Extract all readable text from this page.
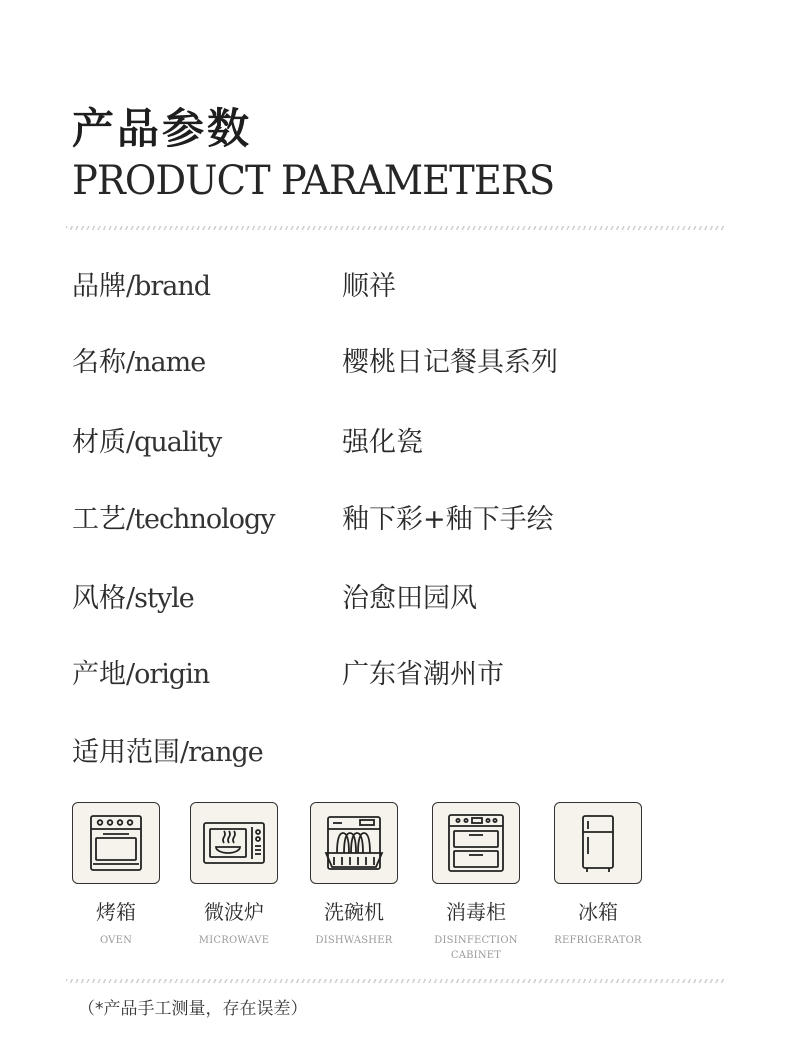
产品参数
PRODUCT PARAMETERS
品牌/brand	顺祥
名称/name	樱桃日记餐具系列
材质/quality	强化瓷
工艺/technology 釉下彩+釉下手绘
风格/style	治愈田园风
产地/origin	广东省潮州市
适用范围/range
烤箱
OVEN
微波炉
MICROWAVE
洗碗机
DISHWASHER
消毒柜
DISINFECTION CABINET
冰箱
REFRIGERATOR
（*产品手工测量，存在误差）
